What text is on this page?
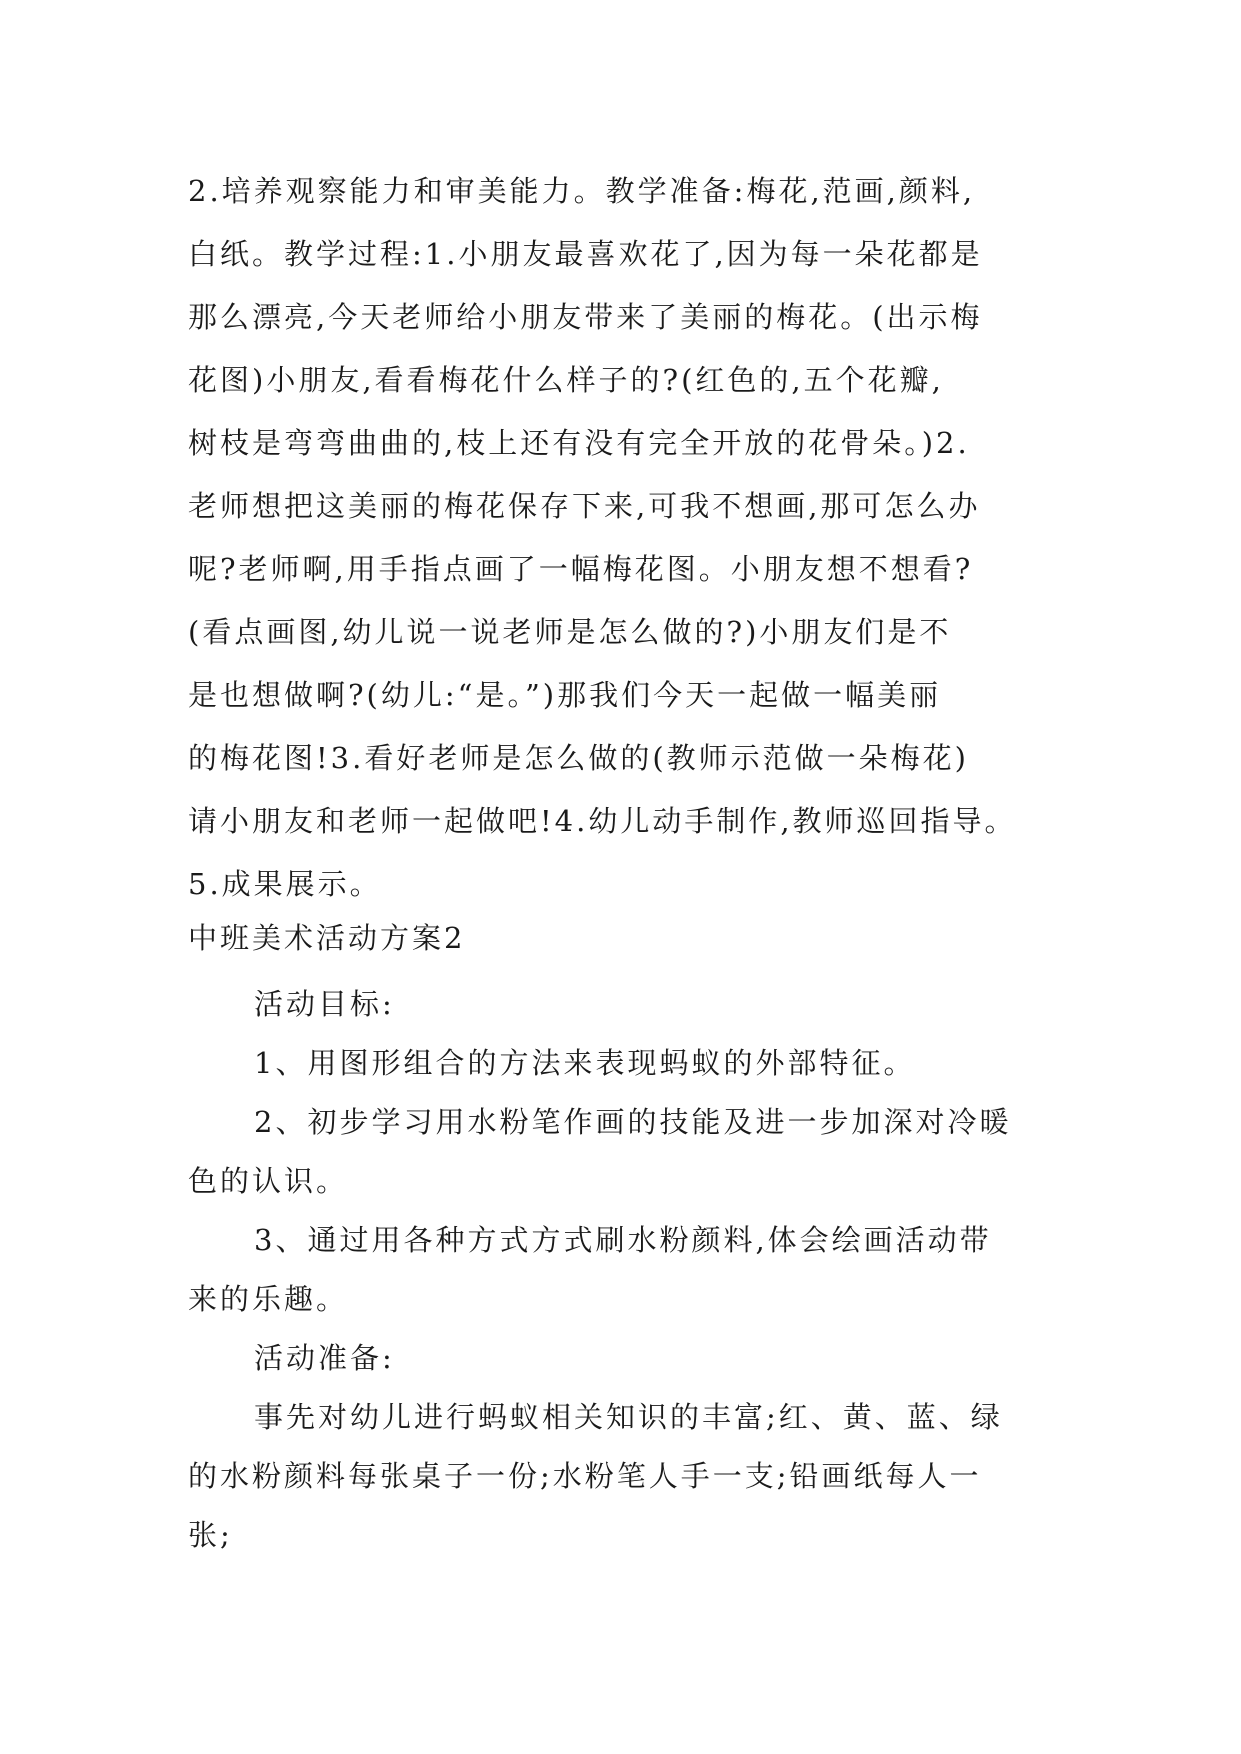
2.培养观察能力和审美能力。教学准备:梅花,范画,颜料,
白纸。教学过程:1.小朋友最喜欢花了,因为每一朵花都是
那么漂亮,今天老师给小朋友带来了美丽的梅花。(出示梅
花图)小朋友,看看梅花什么样子的?(红色的,五个花瓣,
树枝是弯弯曲曲的,枝上还有没有完全开放的花骨朵。)2.
老师想把这美丽的梅花保存下来,可我不想画,那可怎么办
呢?老师啊,用手指点画了一幅梅花图。小朋友想不想看?
(看点画图,幼儿说一说老师是怎么做的?)小朋友们是不
是也想做啊?(幼儿:“是。”)那我们今天一起做一幅美丽
的梅花图!3.看好老师是怎么做的(教师示范做一朵梅花)
请小朋友和老师一起做吧!4.幼儿动手制作,教师巡回指导。
5.成果展示。
中班美术活动方案2
活动目标:
1、用图形组合的方法来表现蚂蚁的外部特征。
2、初步学习用水粉笔作画的技能及进一步加深对冷暖
色的认识。
3、通过用各种方式方式刷水粉颜料,体会绘画活动带
来的乐趣。
活动准备:
事先对幼儿进行蚂蚁相关知识的丰富;红、黄、蓝、绿
的水粉颜料每张桌子一份;水粉笔人手一支;铅画纸每人一
张;
